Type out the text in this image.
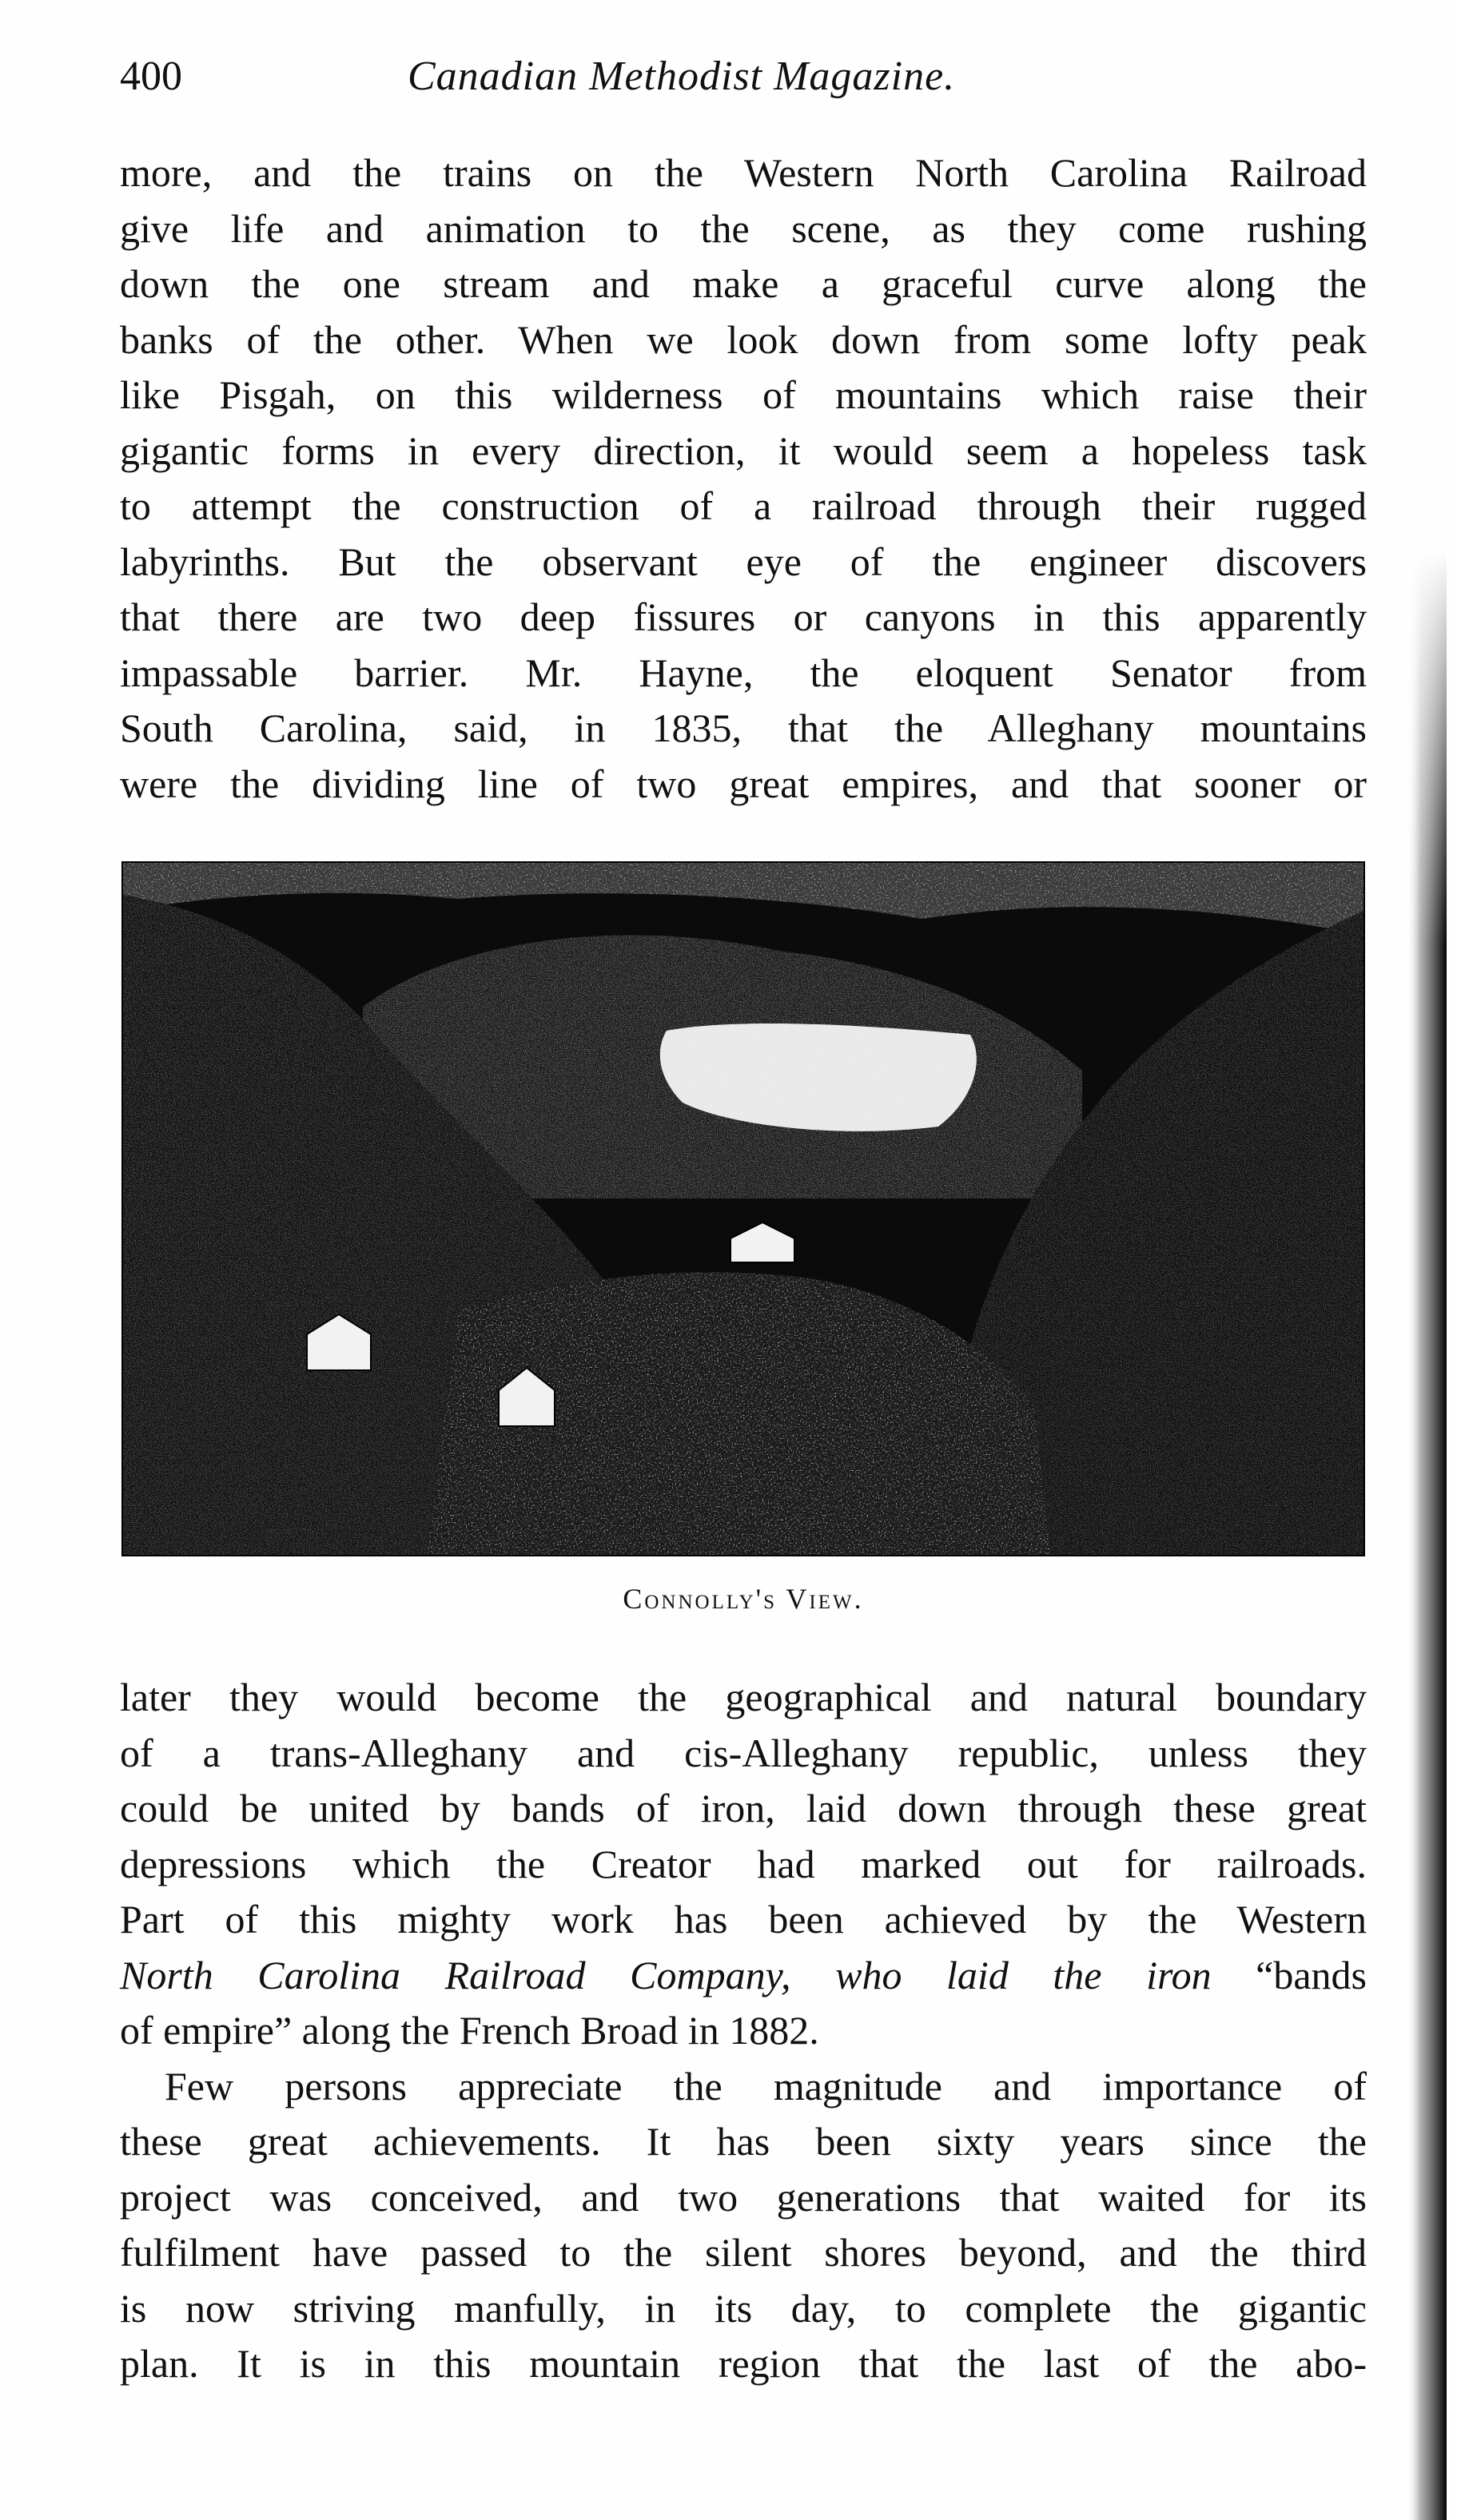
400	Canadian Methodist Magazine.
more, and the trains on the Western North Carolina Railroad
give life and animation to the scene, as they come rushing
down the one stream and make a graceful curve along the
banks of the other. When we look down from some lofty peak
like Pisgah, on this wilderness of mountains which raise their
gigantic forms in every direction, it would seem a hopeless task
to attempt the construction of a railroad through their rugged
labyrinths. But the observant eye of the engineer discovers
that there are two deep fissures or canyons in this apparently
impassable barrier. Mr. Hayne, the eloquent Senator from
South Carolina, said, in 1835, that the Alleghany mountains
were the dividing line of two great empires, and that sooner or
Connolly's View.
later they would become the geographical and natural boundary
of a trans-Alleghany and cis-Alleghany republic, unless they
could be united by bands of iron, laid down through these great
depressions which the Creator had marked out for railroads.
Part of this mighty work has been achieved by the Western
North Carolina Railroad Company, who laid the iron “bands
of empire” along the French Broad in 1882.
Few persons appreciate the magnitude and importance of
these great achievements. It has been sixty years since the
project was conceived, and two generations that waited for its
fulfilment have passed to the silent shores beyond, and the third
is now striving manfully, in its day, to complete the gigantic
plan. It is in this mountain region that the last of the abo-
